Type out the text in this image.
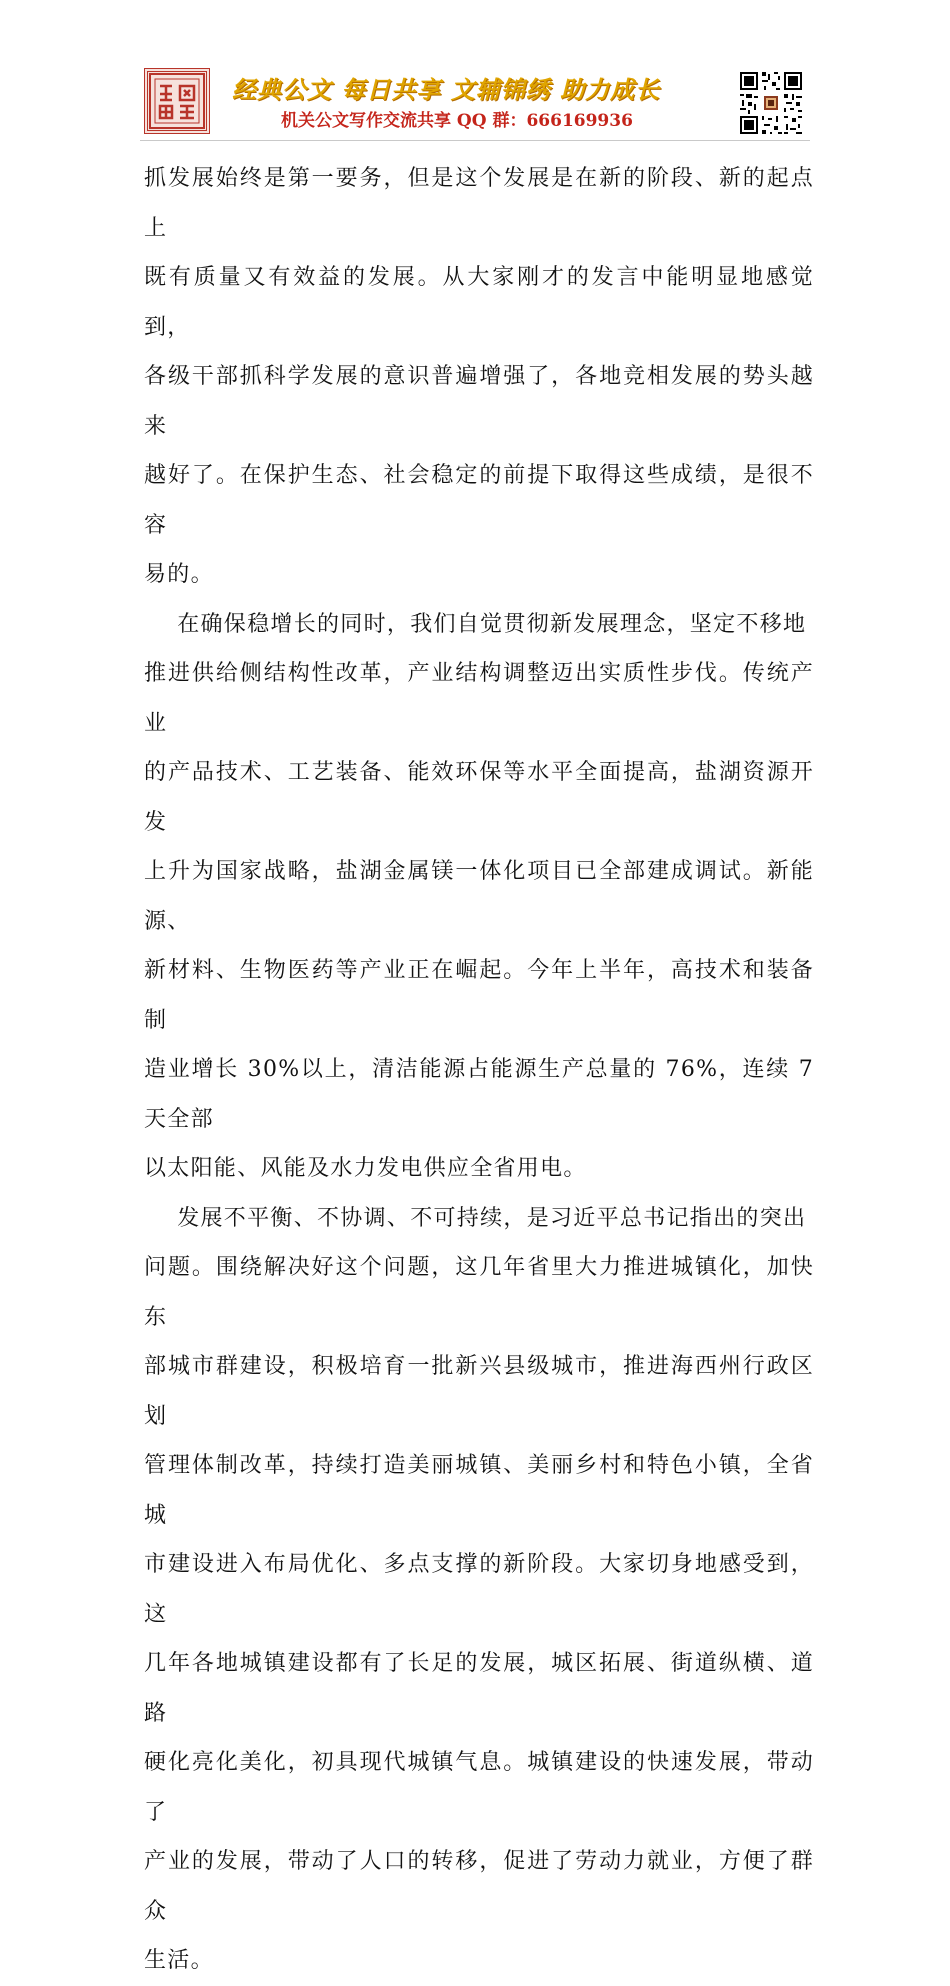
经典公文 每日共享 文辅锦绣 助力成长
机关公文写作交流共享 QQ 群：666169936

抓发展始终是第一要务，但是这个发展是在新的阶段、新的起点上
既有质量又有效益的发展。从大家刚才的发言中能明显地感觉到，
各级干部抓科学发展的意识普遍增强了，各地竞相发展的势头越来
越好了。在保护生态、社会稳定的前提下取得这些成绩，是很不容
易的。

在确保稳增长的同时，我们自觉贯彻新发展理念，坚定不移地
推进供给侧结构性改革，产业结构调整迈出实质性步伐。传统产业
的产品技术、工艺装备、能效环保等水平全面提高，盐湖资源开发
上升为国家战略，盐湖金属镁一体化项目已全部建成调试。新能源、
新材料、生物医药等产业正在崛起。今年上半年，高技术和装备制
造业增长 30%以上，清洁能源占能源生产总量的 76%，连续 7 天全部
以太阳能、风能及水力发电供应全省用电。

发展不平衡、不协调、不可持续，是习近平总书记指出的突出
问题。围绕解决好这个问题，这几年省里大力推进城镇化，加快东
部城市群建设，积极培育一批新兴县级城市，推进海西州行政区划
管理体制改革，持续打造美丽城镇、美丽乡村和特色小镇，全省城
市建设进入布局优化、多点支撑的新阶段。大家切身地感受到，这
几年各地城镇建设都有了长足的发展，城区拓展、街道纵横、道路
硬化亮化美化，初具现代城镇气息。城镇建设的快速发展，带动了
产业的发展，带动了人口的转移，促进了劳动力就业，方便了群众
生活。
